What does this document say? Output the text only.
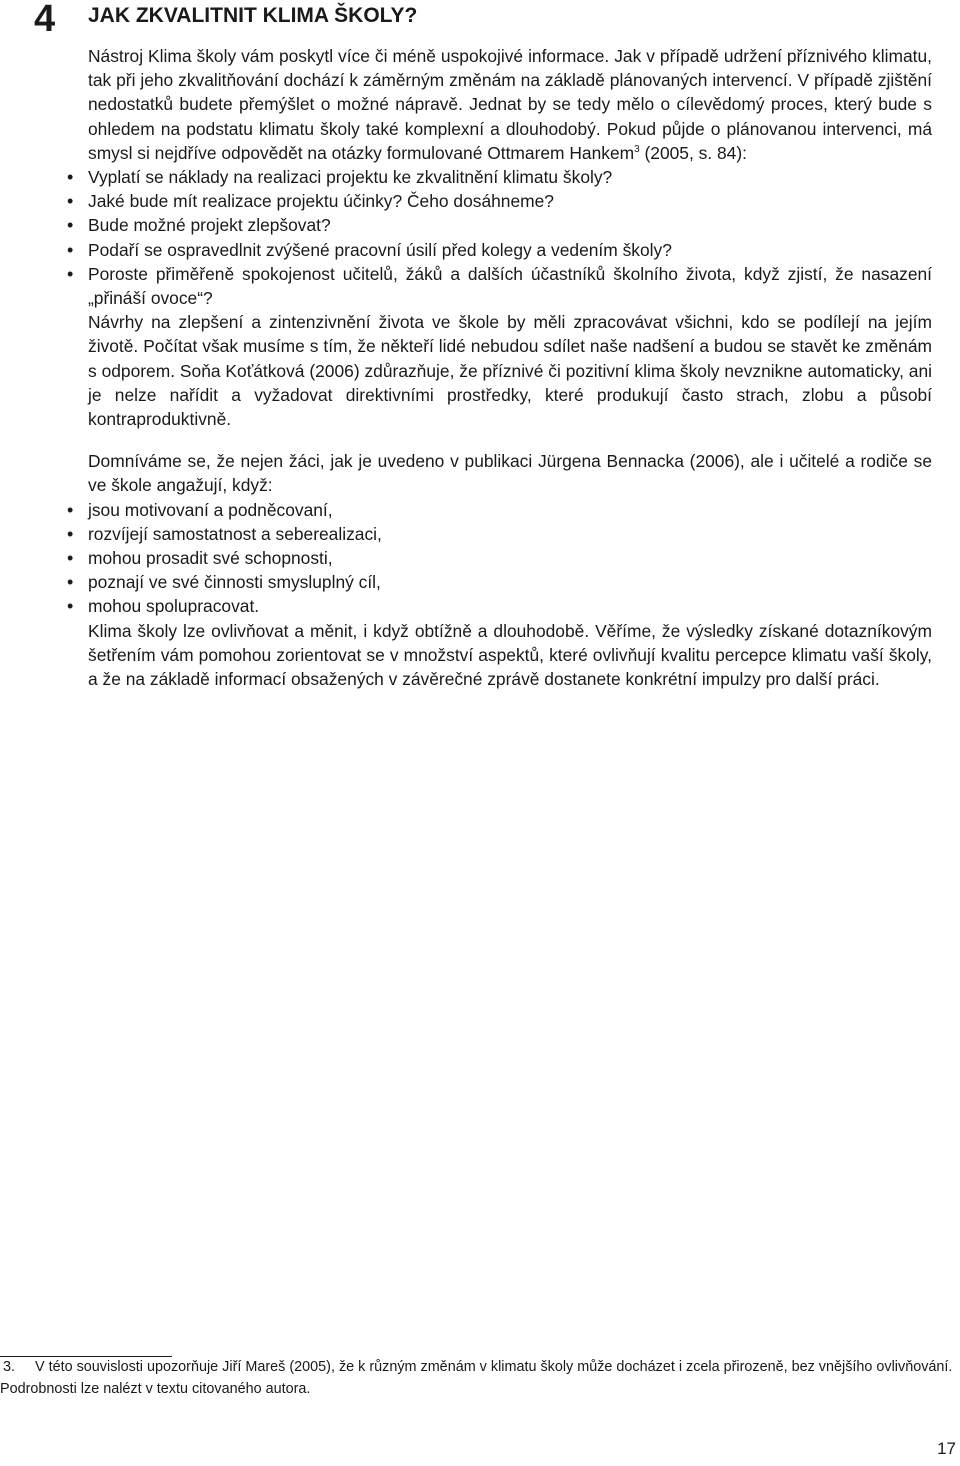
4 JAK ZKVALITNIT KLIMA ŠKOLY?

Nástroj Klima školy vám poskytl více či méně uspokojivé informace. Jak v případě udržení příznivého klimatu, tak při jeho zkvalitňování dochází k záměrným změnám na základě plánovaných intervencí. V případě zjištění nedostatků budete přemýšlet o možné nápravě. Jednat by se tedy mělo o cílevědomý proces, který bude s ohledem na podstatu klimatu školy také komplexní a dlouhodobý. Pokud půjde o plánovanou intervenci, má smysl si nejdříve odpovědět na otázky formulované Ottmarem Hankem$^3$ (2005, s. 84):

• Vyplatí se náklady na realizaci projektu ke zkvalitnění klimatu školy?
• Jaké bude mít realizace projektu účinky? Čeho dosáhneme?
• Bude možné projekt zlepšovat?
• Podaří se ospravedlnit zvýšené pracovní úsilí před kolegy a vedením školy?
• Poroste přiměřeně spokojenost učitelů, žáků a dalších účastníků školního života, když zjistí, že nasazení „přináší ovoce“?

Návrhy na zlepšení a zintenzivnění života ve škole by měli zpracovávat všichni, kdo se podílejí na jejím životě. Počítat však musíme s tím, že někteří lidé nebudou sdílet naše nadšení a budou se stavět ke změnám s odporem. Soňa Koťátková (2006) zdůrazňuje, že příznivé či pozitivní klima školy nevznikne automaticky, ani je nelze nařídit a vyžadovat direktivními prostředky, které produkují často strach, zlobu a působí kontraproduktivně.

Domníváme se, že nejen žáci, jak je uvedeno v publikaci Jürgena Bennacka (2006), ale i učitelé a rodiče se ve škole angažují, když:

• jsou motivovaní a podněcovaní,
• rozvíjejí samostatnost a seberealizaci,
• mohou prosadit své schopnosti,
• poznají ve své činnosti smysluplný cíl,
• mohou spolupracovat.

Klima školy lze ovlivňovat a měnit, i když obtížně a dlouhodobě. Věříme, že výsledky získané dotazníkovým šetřením vám pomohou zorientovat se v množství aspektů, které ovlivňují kvalitu percepce klimatu vaší školy, a že na základě informací obsažených v závěrečné zprávě dostanete konkrétní impulzy pro další práci.

3. V této souvislosti upozorňuje Jiří Mareš (2005), že k různým změnám v klimatu školy může docházet i zcela přirozeně, bez vnějšího ovlivňování. Podrobnosti lze nalézt v textu citovaného autora.
17
